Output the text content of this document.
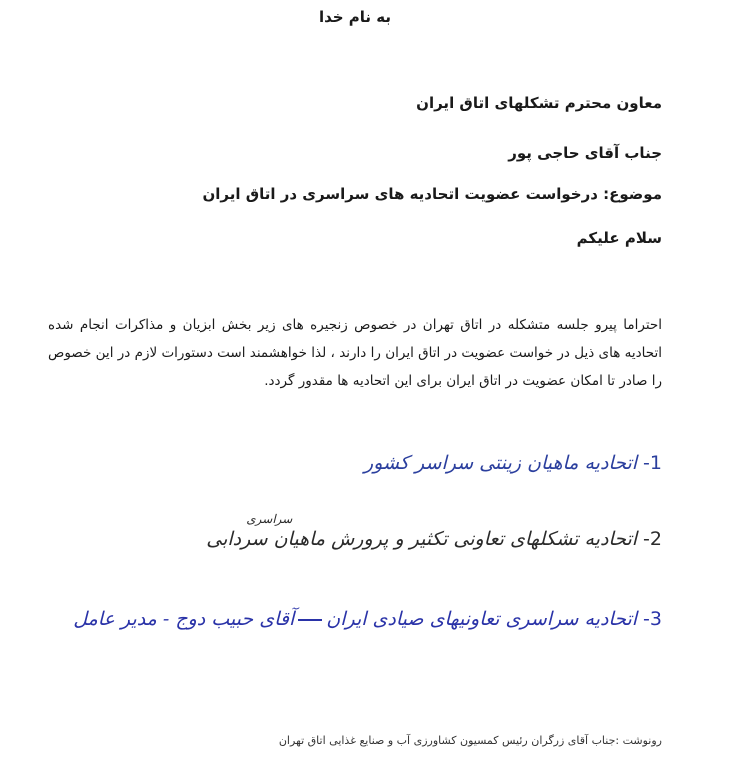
به نام خدا
معاون محترم تشکلهای اتاق ایران
جناب آقای حاجی پور
موضوع: درخواست عضویت اتحادیه های سراسری در اتاق ایران
سلام علیکم
احتراما پیرو جلسه متشکله در اتاق تهران در خصوص زنجیره های زیر بخش ابزیان و مذاکرات انجام شده اتحادیه های ذیل در خواست عضویت در اتاق ایران را دارند ، لذا خواهشمند است دستورات لازم در این خصوص را صادر تا امکان عضویت در اتاق ایران برای این اتحادیه ها مقدور گردد.
1-اتحادیه ماهیان زینتی سراسر کشور
سراسری
2-اتحادیه تشکلهای تعاونی تکثیر و پرورش ماهیان سردابی
3-اتحادیه سراسری تعاونیهای صیادی ایرانآقای حبیب دوج - مدیر عامل
رونوشت :جناب آقای زرگران رئیس کمسیون کشاورزی آب و صنایع غذایی اتاق تهران
